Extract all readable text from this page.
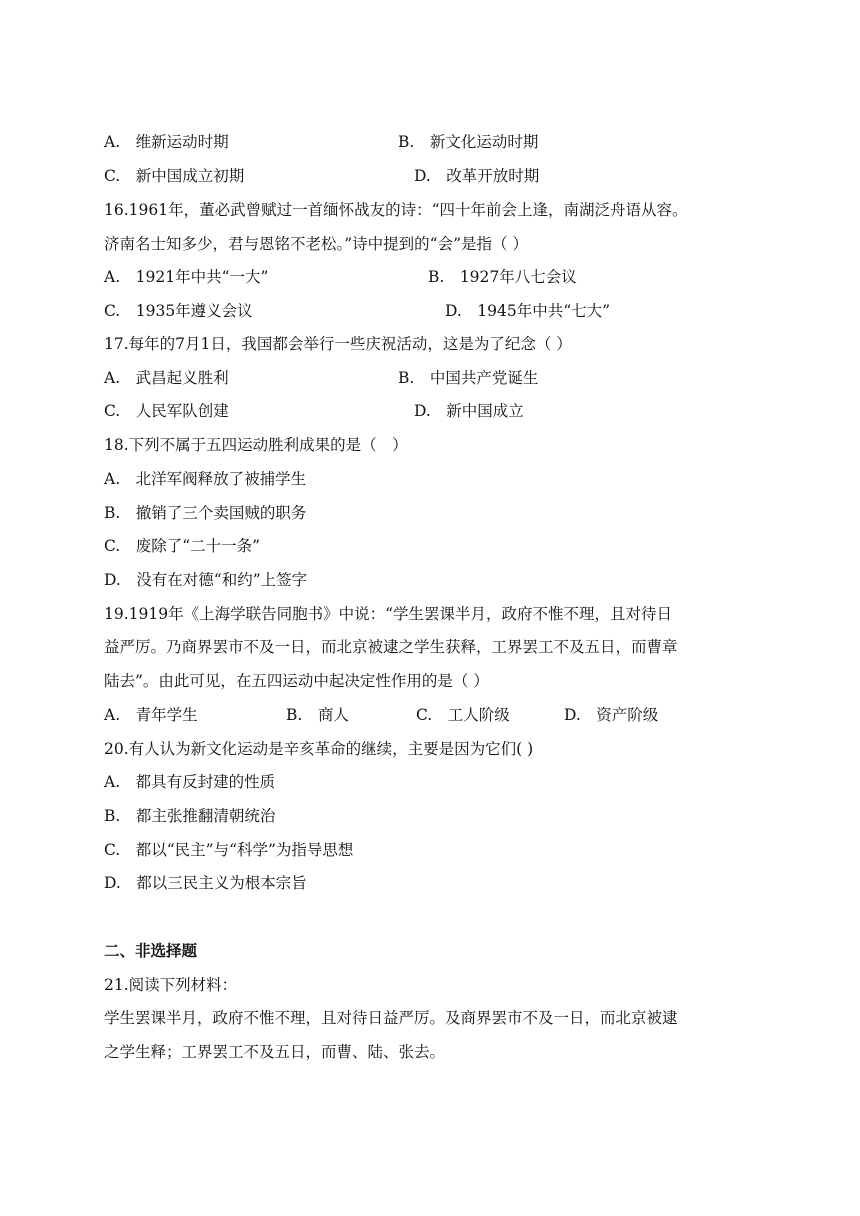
A.　维新运动时期	B.　新文化运动时期
C.　新中国成立初期	D.　改革开放时期
16.1961年，董必武曾赋过一首缅怀战友的诗：“四十年前会上逢，南湖泛舟语从容。
济南名士知多少，君与恩铭不老松。”诗中提到的“会”是指（ ）
A.　1921年中共“一大”	B.　1927年八七会议
C.　1935年遵义会议	D.　1945年中共“七大”
17.每年的7月1日，我国都会举行一些庆祝活动，这是为了纪念（ ）
A.　武昌起义胜利	B.　中国共产党诞生
C.　人民军队创建	D.　新中国成立
18.下列不属于五四运动胜利成果的是（　）
A.　北洋军阀释放了被捕学生
B.　撤销了三个卖国贼的职务
C.　废除了“二十一条”
D.　没有在对德“和约”上签字
19.1919年《上海学联告同胞书》中说：“学生罢课半月，政府不惟不理，且对待日
益严厉。乃商界罢市不及一日，而北京被逮之学生获释，工界罢工不及五日，而曹章
陆去”。由此可见，在五四运动中起决定性作用的是（ ）
A.　青年学生	B.　商人	C.　工人阶级	D.　资产阶级
20.有人认为新文化运动是辛亥革命的继续，主要是因为它们( )
A.　都具有反封建的性质
B.　都主张推翻清朝统治
C.　都以“民主”与“科学”为指导思想
D.　都以三民主义为根本宗旨
二、非选择题
21.阅读下列材料：
学生罢课半月，政府不惟不理，且对待日益严厉。及商界罢市不及一日，而北京被逮
之学生释；工界罢工不及五日，而曹、陆、张去。
